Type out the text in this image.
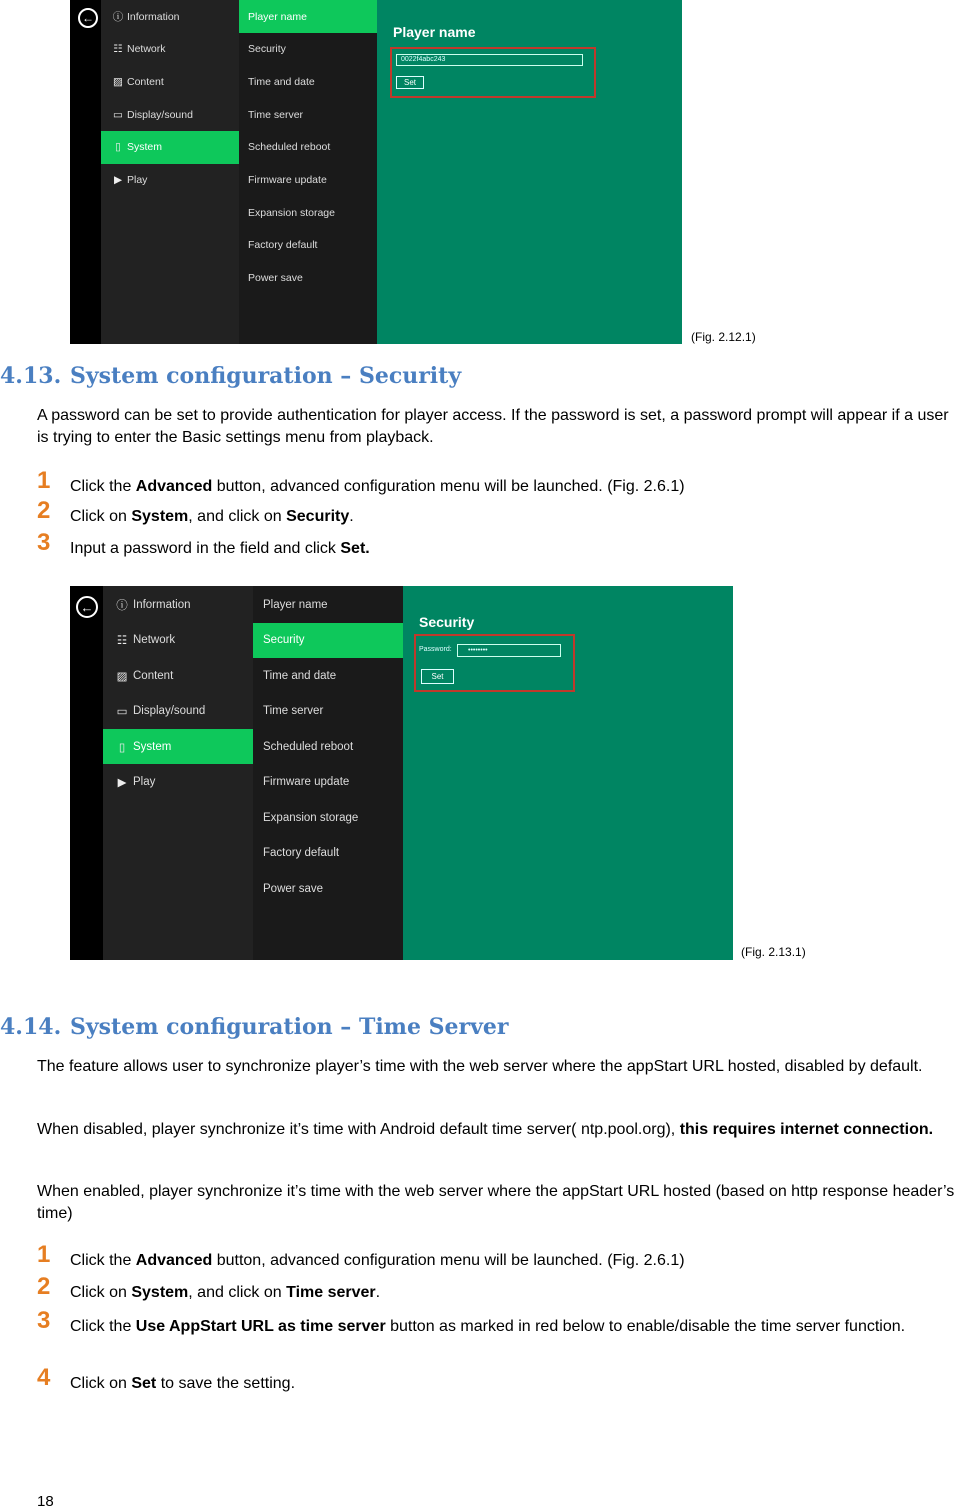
←	ⓘ Information
☷ Network
▨ Content
▭ Display/sound
▯ System
▶ Play
Player name
Security
Time and date
Time server
Scheduled reboot
Firmware update
Expansion storage
Factory default
Power save
Player name
0022f4abc243
Set
(Fig. 2.12.1)
4.13. System configuration – Security

A password can be set to provide authentication for player access. If the password is set, a password prompt will appear if a user is trying to enter the Basic settings menu from playback.

1 Click the Advanced button, advanced configuration menu will be launched. (Fig. 2.6.1)
2 Click on System, and click on Security.
3 Input a password in the field and click Set.
←	ⓘ Information
☷ Network
▨ Content
▭ Display/sound
▯ System
▶ Play
Player name
Security
Time and date
Time server
Scheduled reboot
Firmware update
Expansion storage
Factory default
Power save
Security
Password:	••••••••
Set
(Fig. 2.13.1)
4.14. System configuration – Time Server

The feature allows user to synchronize player’s time with the web server where the appStart URL hosted, disabled by default.

When disabled, player synchronize it’s time with Android default time server( ntp.pool.org), this requires internet connection.

When enabled, player synchronize it’s time with the web server where the appStart URL hosted (based on http response header’s time)

1 Click the Advanced button, advanced configuration menu will be launched. (Fig. 2.6.1)
2 Click on System, and click on Time server.
3 Click the Use AppStart URL as time server button as marked in red below to enable/disable the time server function.
4 Click on Set to save the setting.
18
